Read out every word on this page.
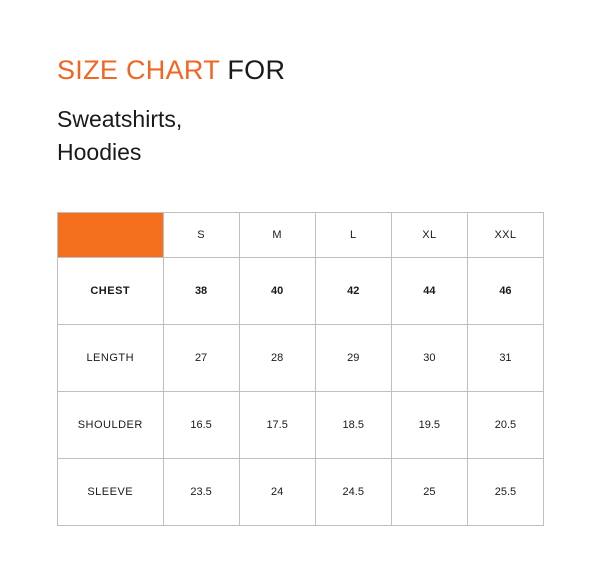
SIZE CHART FOR
Sweatshirts,
Hoodies
	S	M	L	XL	XXL
CHEST	38	40	42	44	46
LENGTH	27	28	29	30	31
SHOULDER	16.5	17.5	18.5	19.5	20.5
SLEEVE	23.5	24	24.5	25	25.5
